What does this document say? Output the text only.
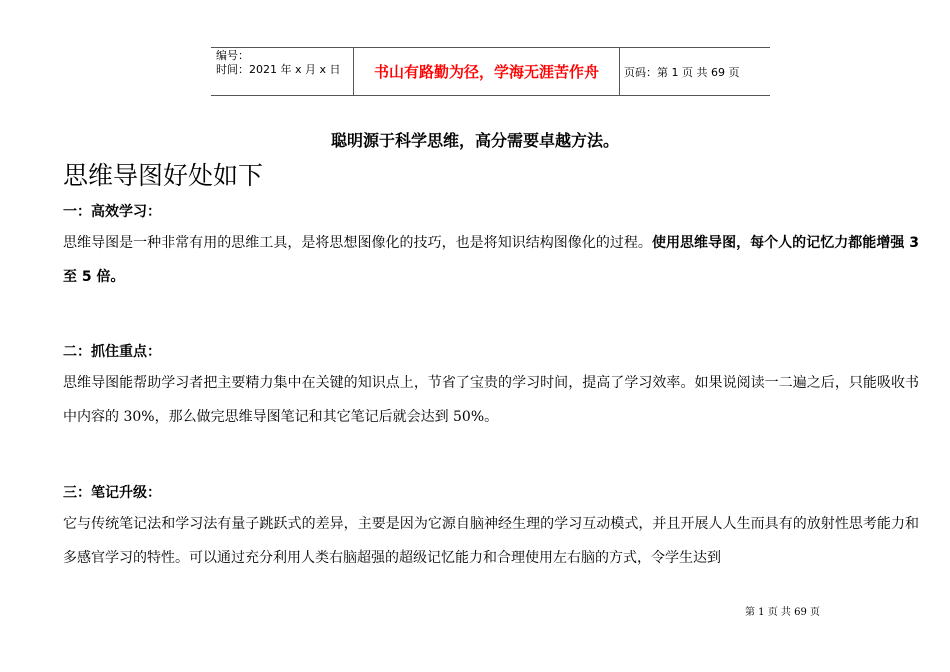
编号：
时间：2021 年 x 月 x 日	书山有路勤为径，学海无涯苦作舟	页码：第 1 页 共 69 页
聪明源于科学思维，高分需要卓越方法。
思维导图好处如下
一：高效学习：
思维导图是一种非常有用的思维工具，是将思想图像化的技巧，也是将知识结构图像化的过程。使用思维导图，每个人的记忆力都能增强 3 至 5 倍。
二：抓住重点：
思维导图能帮助学习者把主要精力集中在关键的知识点上，节省了宝贵的学习时间，提高了学习效率。如果说阅读一二遍之后，只能吸收书中内容的 30%，那么做完思维导图笔记和其它笔记后就会达到 50%。
三：笔记升级：
它与传统笔记法和学习法有量子跳跃式的差异，主要是因为它源自脑神经生理的学习互动模式，并且开展人人生而具有的放射性思考能力和多感官学习的特性。可以通过充分利用人类右脑超强的超级记忆能力和合理使用左右脑的方式，令学生达到
第 1 页 共 69 页
